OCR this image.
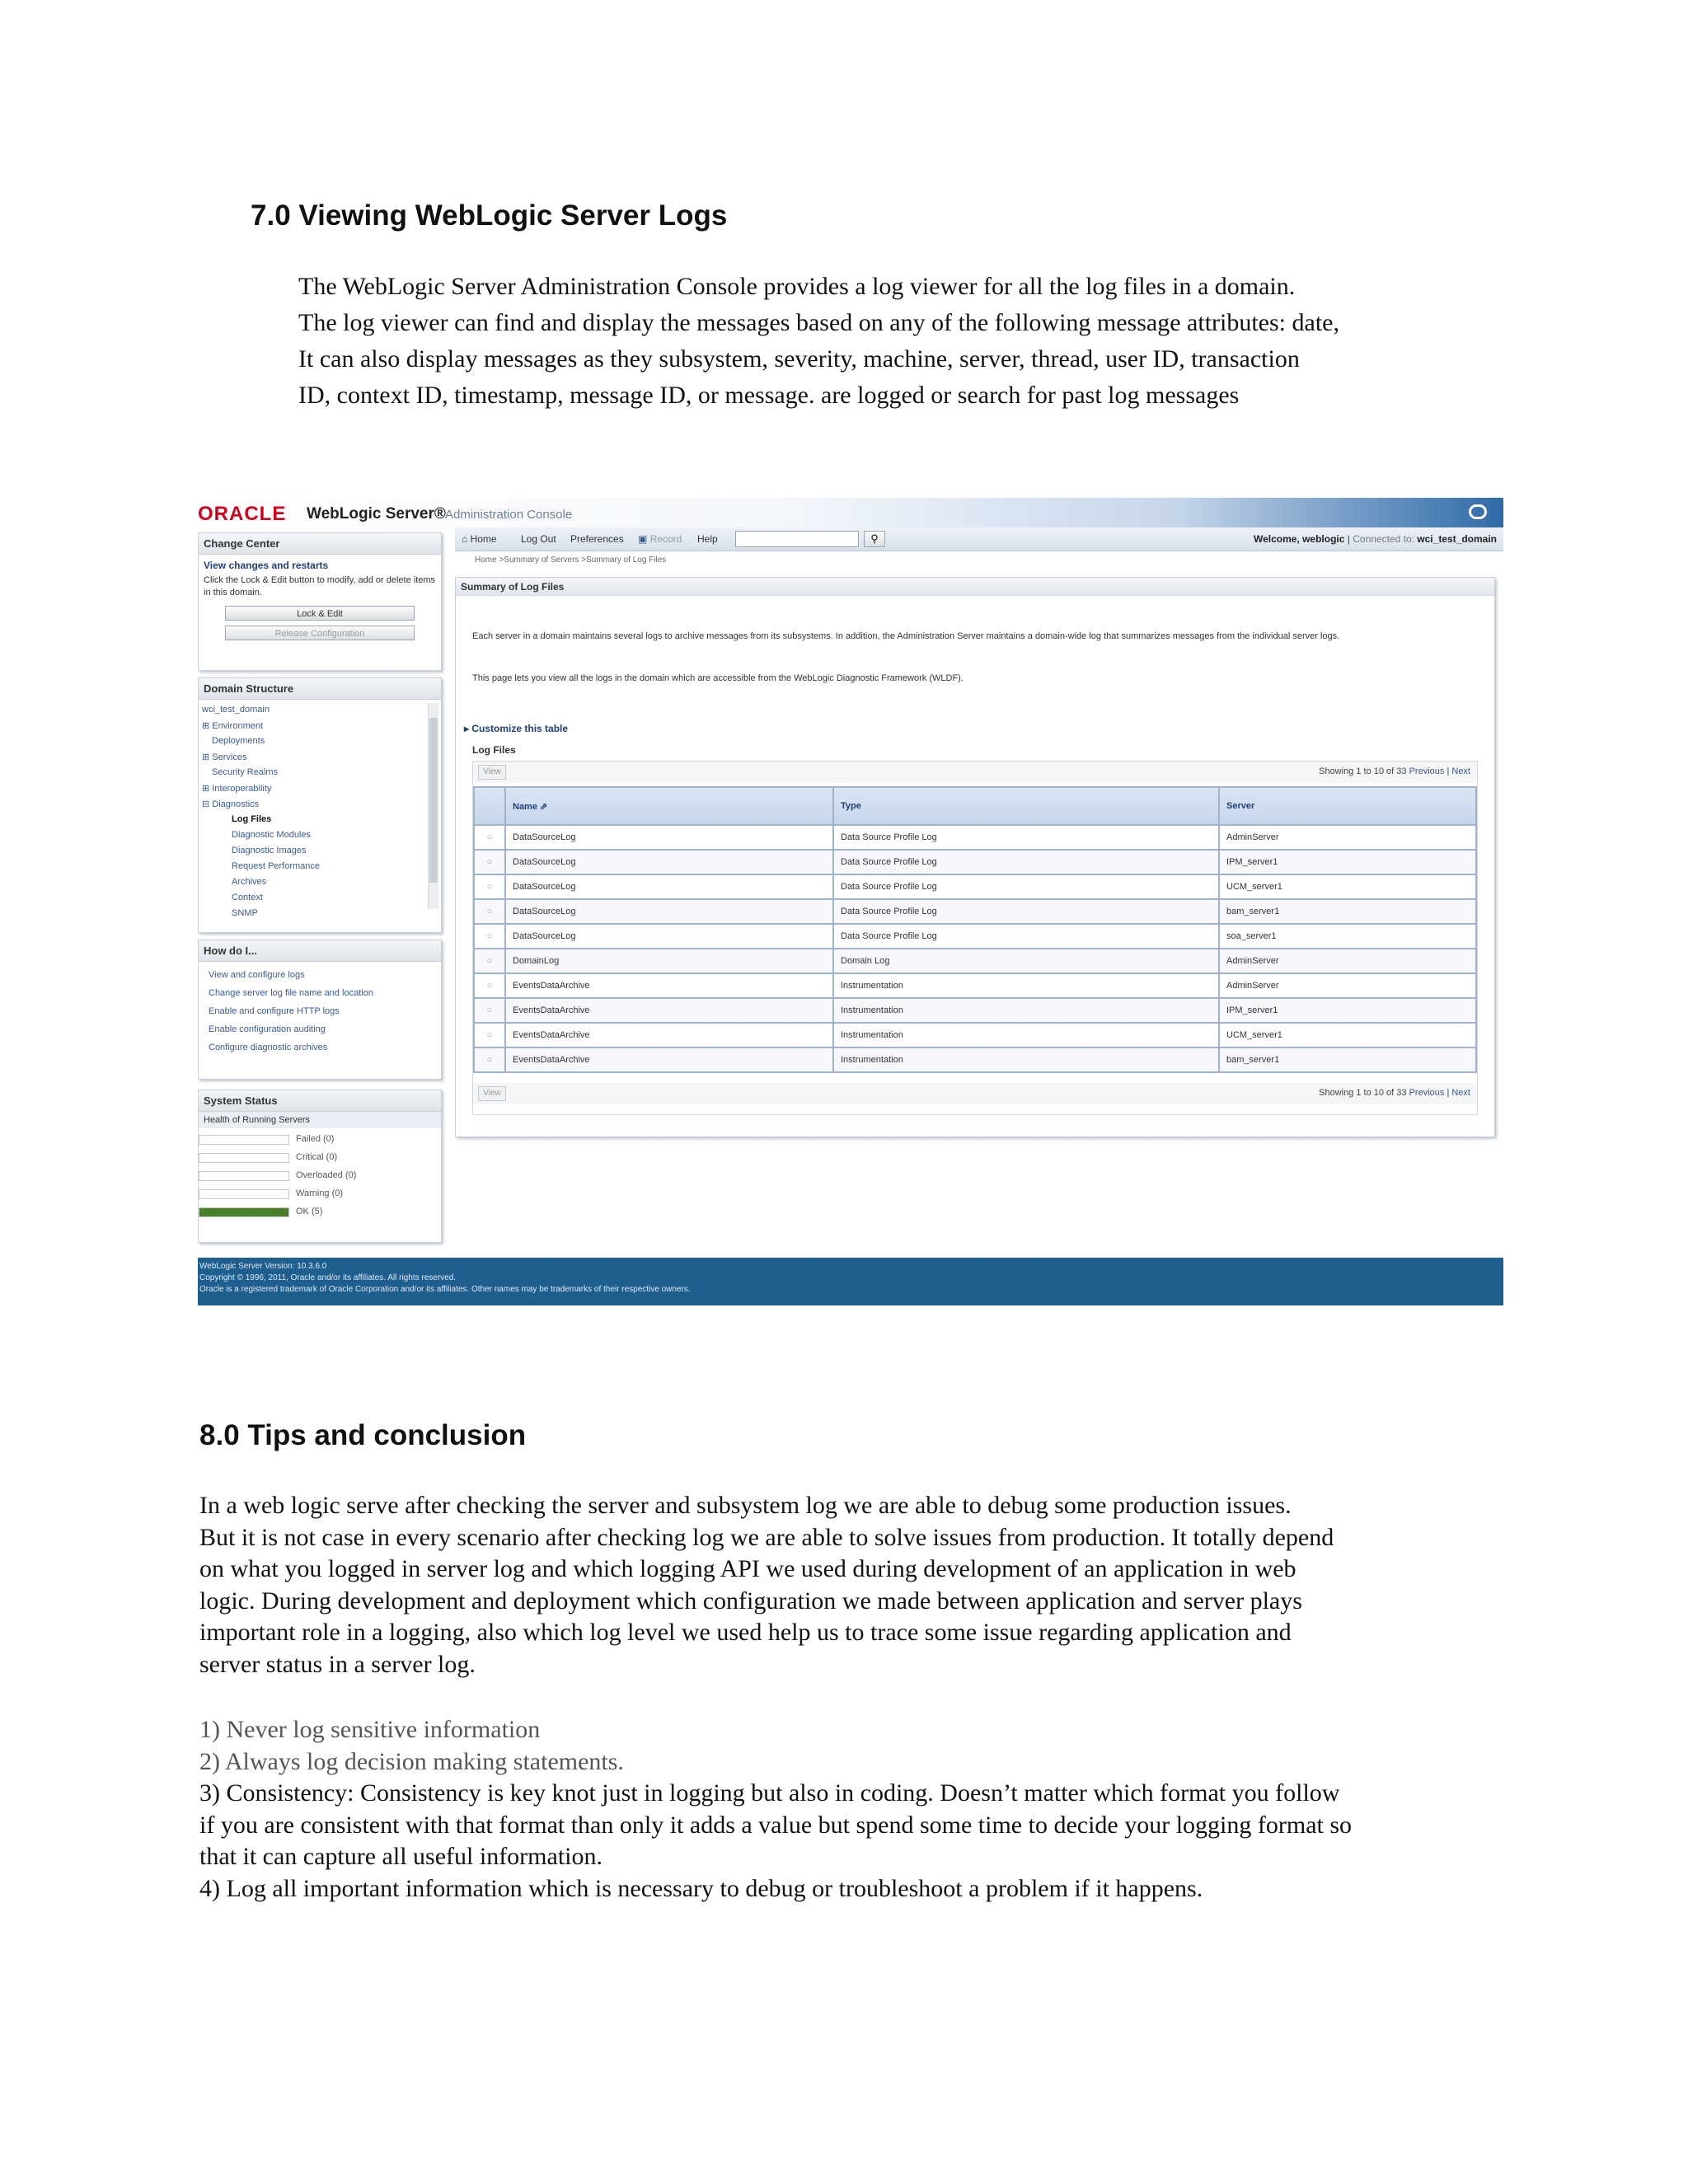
7.0 Viewing WebLogic Server Logs
The WebLogic Server Administration Console provides a log viewer for all the log files in a domain.
The log viewer can find and display the messages based on any of the following message attributes: date,
It can also display messages as they subsystem, severity, machine, server, thread, user ID, transaction
ID, context ID, timestamp, message ID, or message. are logged or search for past log messages
ORACLE WebLogic Server® Administration Console
Change Center
View changes and restarts
Click the Lock & Edit button to modify, add or delete items in this domain.
Lock & Edit
Release Configuration
Domain Structure
wci_test_domain
⊞ Environment
Deployments
⊞ Services
Security Realms
⊞ Interoperability
⊟ Diagnostics
Log Files
Diagnostic Modules
Diagnostic Images
Request Performance
Archives
Context
SNMP
How do I...
View and configure logs
Change server log file name and location
Enable and configure HTTP logs
Enable configuration auditing
Configure diagnostic archives
System Status
Health of Running Servers
Failed (0)
Critical (0)
Overloaded (0)
Warning (0)
OK (5)
⌂ Home Log Out Preferences ▣ Record Help	⚲	Welcome, weblogic | Connected to: wci_test_domain
Home >Summary of Servers >Summary of Log Files
Summary of Log Files
Each server in a domain maintains several logs to archive messages from its subsystems. In addition, the Administration Server maintains a domain-wide log that summarizes messages from the individual server logs.
This page lets you view all the logs in the domain which are accessible from the WebLogic Diagnostic Framework (WLDF).
▸ Customize this table
Log Files
View	Showing 1 to 10 of 33 Previous | Next
	Name ⇗	Type	Server
○	DataSourceLog	Data Source Profile Log	AdminServer
○	DataSourceLog	Data Source Profile Log	IPM_server1
○	DataSourceLog	Data Source Profile Log	UCM_server1
○	DataSourceLog	Data Source Profile Log	bam_server1
○	DataSourceLog	Data Source Profile Log	soa_server1
○	DomainLog	Domain Log	AdminServer
○	EventsDataArchive	Instrumentation	AdminServer
○	EventsDataArchive	Instrumentation	IPM_server1
○	EventsDataArchive	Instrumentation	UCM_server1
○	EventsDataArchive	Instrumentation	bam_server1
View	Showing 1 to 10 of 33 Previous | Next
WebLogic Server Version: 10.3.6.0
Copyright © 1996, 2011, Oracle and/or its affiliates. All rights reserved.
Oracle is a registered trademark of Oracle Corporation and/or its affiliates. Other names may be trademarks of their respective owners.
8.0 Tips and conclusion
In a web logic serve after checking the server and subsystem log we are able to debug some production issues.
But it is not case in every scenario after checking log we are able to solve issues from production. It totally depend
on what you logged in server log and which logging API we used during development of an application in web
logic. During development and deployment which configuration we made between application and server plays
important role in a logging, also which log level we used help us to trace some issue regarding application and
server status in a server log.
1) Never log sensitive information
2) Always log decision making statements.
3) Consistency: Consistency is key knot just in logging but also in coding. Doesn’t matter which format you follow
if you are consistent with that format than only it adds a value but spend some time to decide your logging format so
that it can capture all useful information.
4) Log all important information which is necessary to debug or troubleshoot a problem if it happens.
